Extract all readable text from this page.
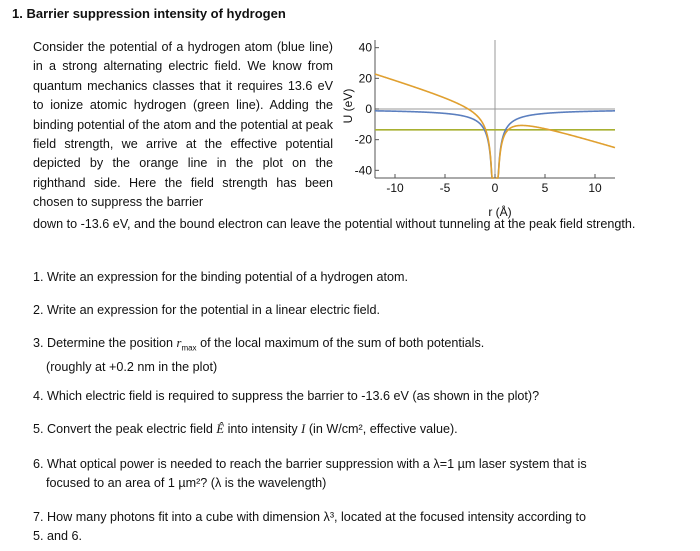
1. Barrier suppression intensity of hydrogen
Consider the potential of a hydrogen atom (blue line) in a strong alternating electric field. We know from quantum mechanics classes that it requires 13.6 eV to ionize atomic hydrogen (green line). Adding the binding potential of the atom and the potential at peak field strength, we arrive at the effective potential depicted by the orange line in the plot on the righthand side. Here the field strength has been chosen to suppress the barrier
-10	-5	0	5	10
40
20
0
-20
-40
r (Å)
U (eV)
down to -13.6 eV, and the bound electron can leave the potential without tunneling at the peak field strength.
1. Write an expression for the binding potential of a hydrogen atom.
2. Write an expression for the potential in a linear electric field.
3. Determine the position $r_{max}$ of the local maximum of the sum of both potentials.
(roughly at +0.2 nm in the plot)
4. Which electric field is required to suppress the barrier to -13.6 eV (as shown in the plot)?
5. Convert the peak electric field Ê into intensity I (in W/cm², effective value).
6. What optical power is needed to reach the barrier suppression with a λ=1 µm laser system that is
focused to an area of 1 µm²? (λ is the wavelength)
7. How many photons fit into a cube with dimension λ³, located at the focused intensity according to
5. and 6.
